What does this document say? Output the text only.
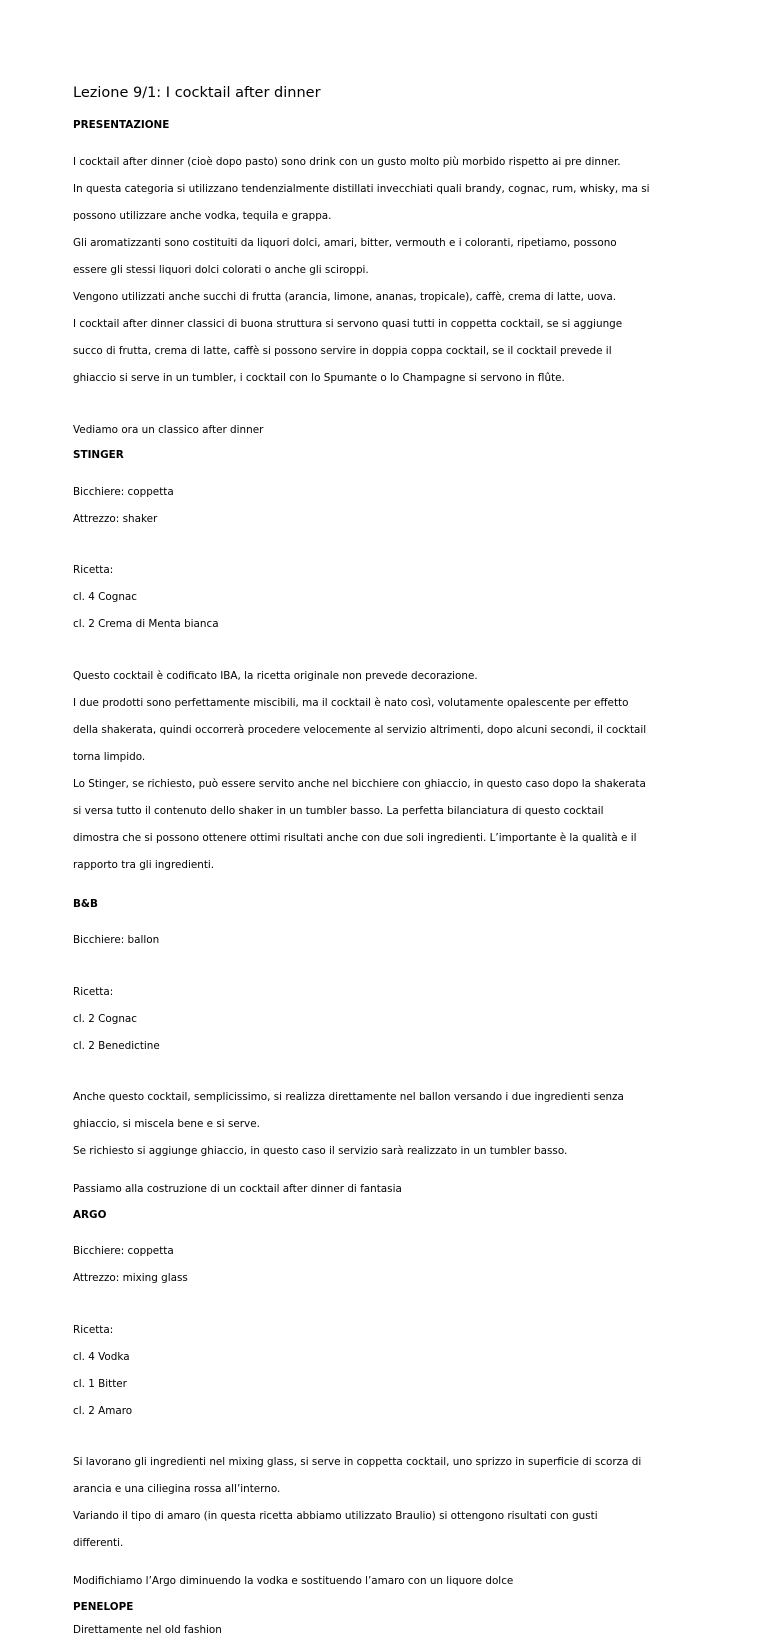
Lezione 9/1: I cocktail after dinner
PRESENTAZIONE

I cocktail after dinner (cioè dopo pasto) sono drink con un gusto molto più morbido rispetto ai pre dinner.

In questa categoria si utilizzano tendenzialmente distillati invecchiati quali brandy, cognac, rum, whisky, ma si

possono utilizzare anche vodka, tequila e grappa.

Gli aromatizzanti sono costituiti da liquori dolci, amari, bitter, vermouth e i coloranti, ripetiamo, possono

essere gli stessi liquori dolci colorati o anche gli sciroppi.

Vengono utilizzati anche succhi di frutta (arancia, limone, ananas, tropicale), caffè, crema di latte, uova.

I cocktail after dinner classici di buona struttura si servono quasi tutti in coppetta cocktail, se si aggiunge

succo di frutta, crema di latte, caffè si possono servire in doppia coppa cocktail, se il cocktail prevede il

ghiaccio si serve in un tumbler, i cocktail con lo Spumante o lo Champagne si servono in flûte.

Vediamo ora un classico after dinner
STINGER

Bicchiere: coppetta

Attrezzo: shaker

Ricetta:

cl. 4 Cognac

cl. 2 Crema di Menta bianca

Questo cocktail è codificato IBA, la ricetta originale non prevede decorazione.

I due prodotti sono perfettamente miscibili, ma il cocktail è nato così, volutamente opalescente per effetto

della shakerata, quindi occorrerà procedere velocemente al servizio altrimenti, dopo alcuni secondi, il cocktail

torna limpido.

Lo Stinger, se richiesto, può essere servito anche nel bicchiere con ghiaccio, in questo caso dopo la shakerata

si versa tutto il contenuto dello shaker in un tumbler basso. La perfetta bilanciatura di questo cocktail

dimostra che si possono ottenere ottimi risultati anche con due soli ingredienti. L’importante è la qualità e il

rapporto tra gli ingredienti.

B&B

Bicchiere: ballon

Ricetta:

cl. 2 Cognac

cl. 2 Benedictine

Anche questo cocktail, semplicissimo, si realizza direttamente nel ballon versando i due ingredienti senza

ghiaccio, si miscela bene e si serve.

Se richiesto si aggiunge ghiaccio, in questo caso il servizio sarà realizzato in un tumbler basso.

Passiamo alla costruzione di un cocktail after dinner di fantasia
ARGO

Bicchiere: coppetta

Attrezzo: mixing glass

Ricetta:

cl. 4 Vodka

cl. 1 Bitter

cl. 2 Amaro

Si lavorano gli ingredienti nel mixing glass, si serve in coppetta cocktail, uno sprizzo in superficie di scorza di

arancia e una ciliegina rossa all’interno.

Variando il tipo di amaro (in questa ricetta abbiamo utilizzato Braulio) si ottengono risultati con gusti

differenti.

Modifichiamo l’Argo diminuendo la vodka e sostituendo l’amaro con un liquore dolce
PENELOPE
Direttamente nel old fashion
